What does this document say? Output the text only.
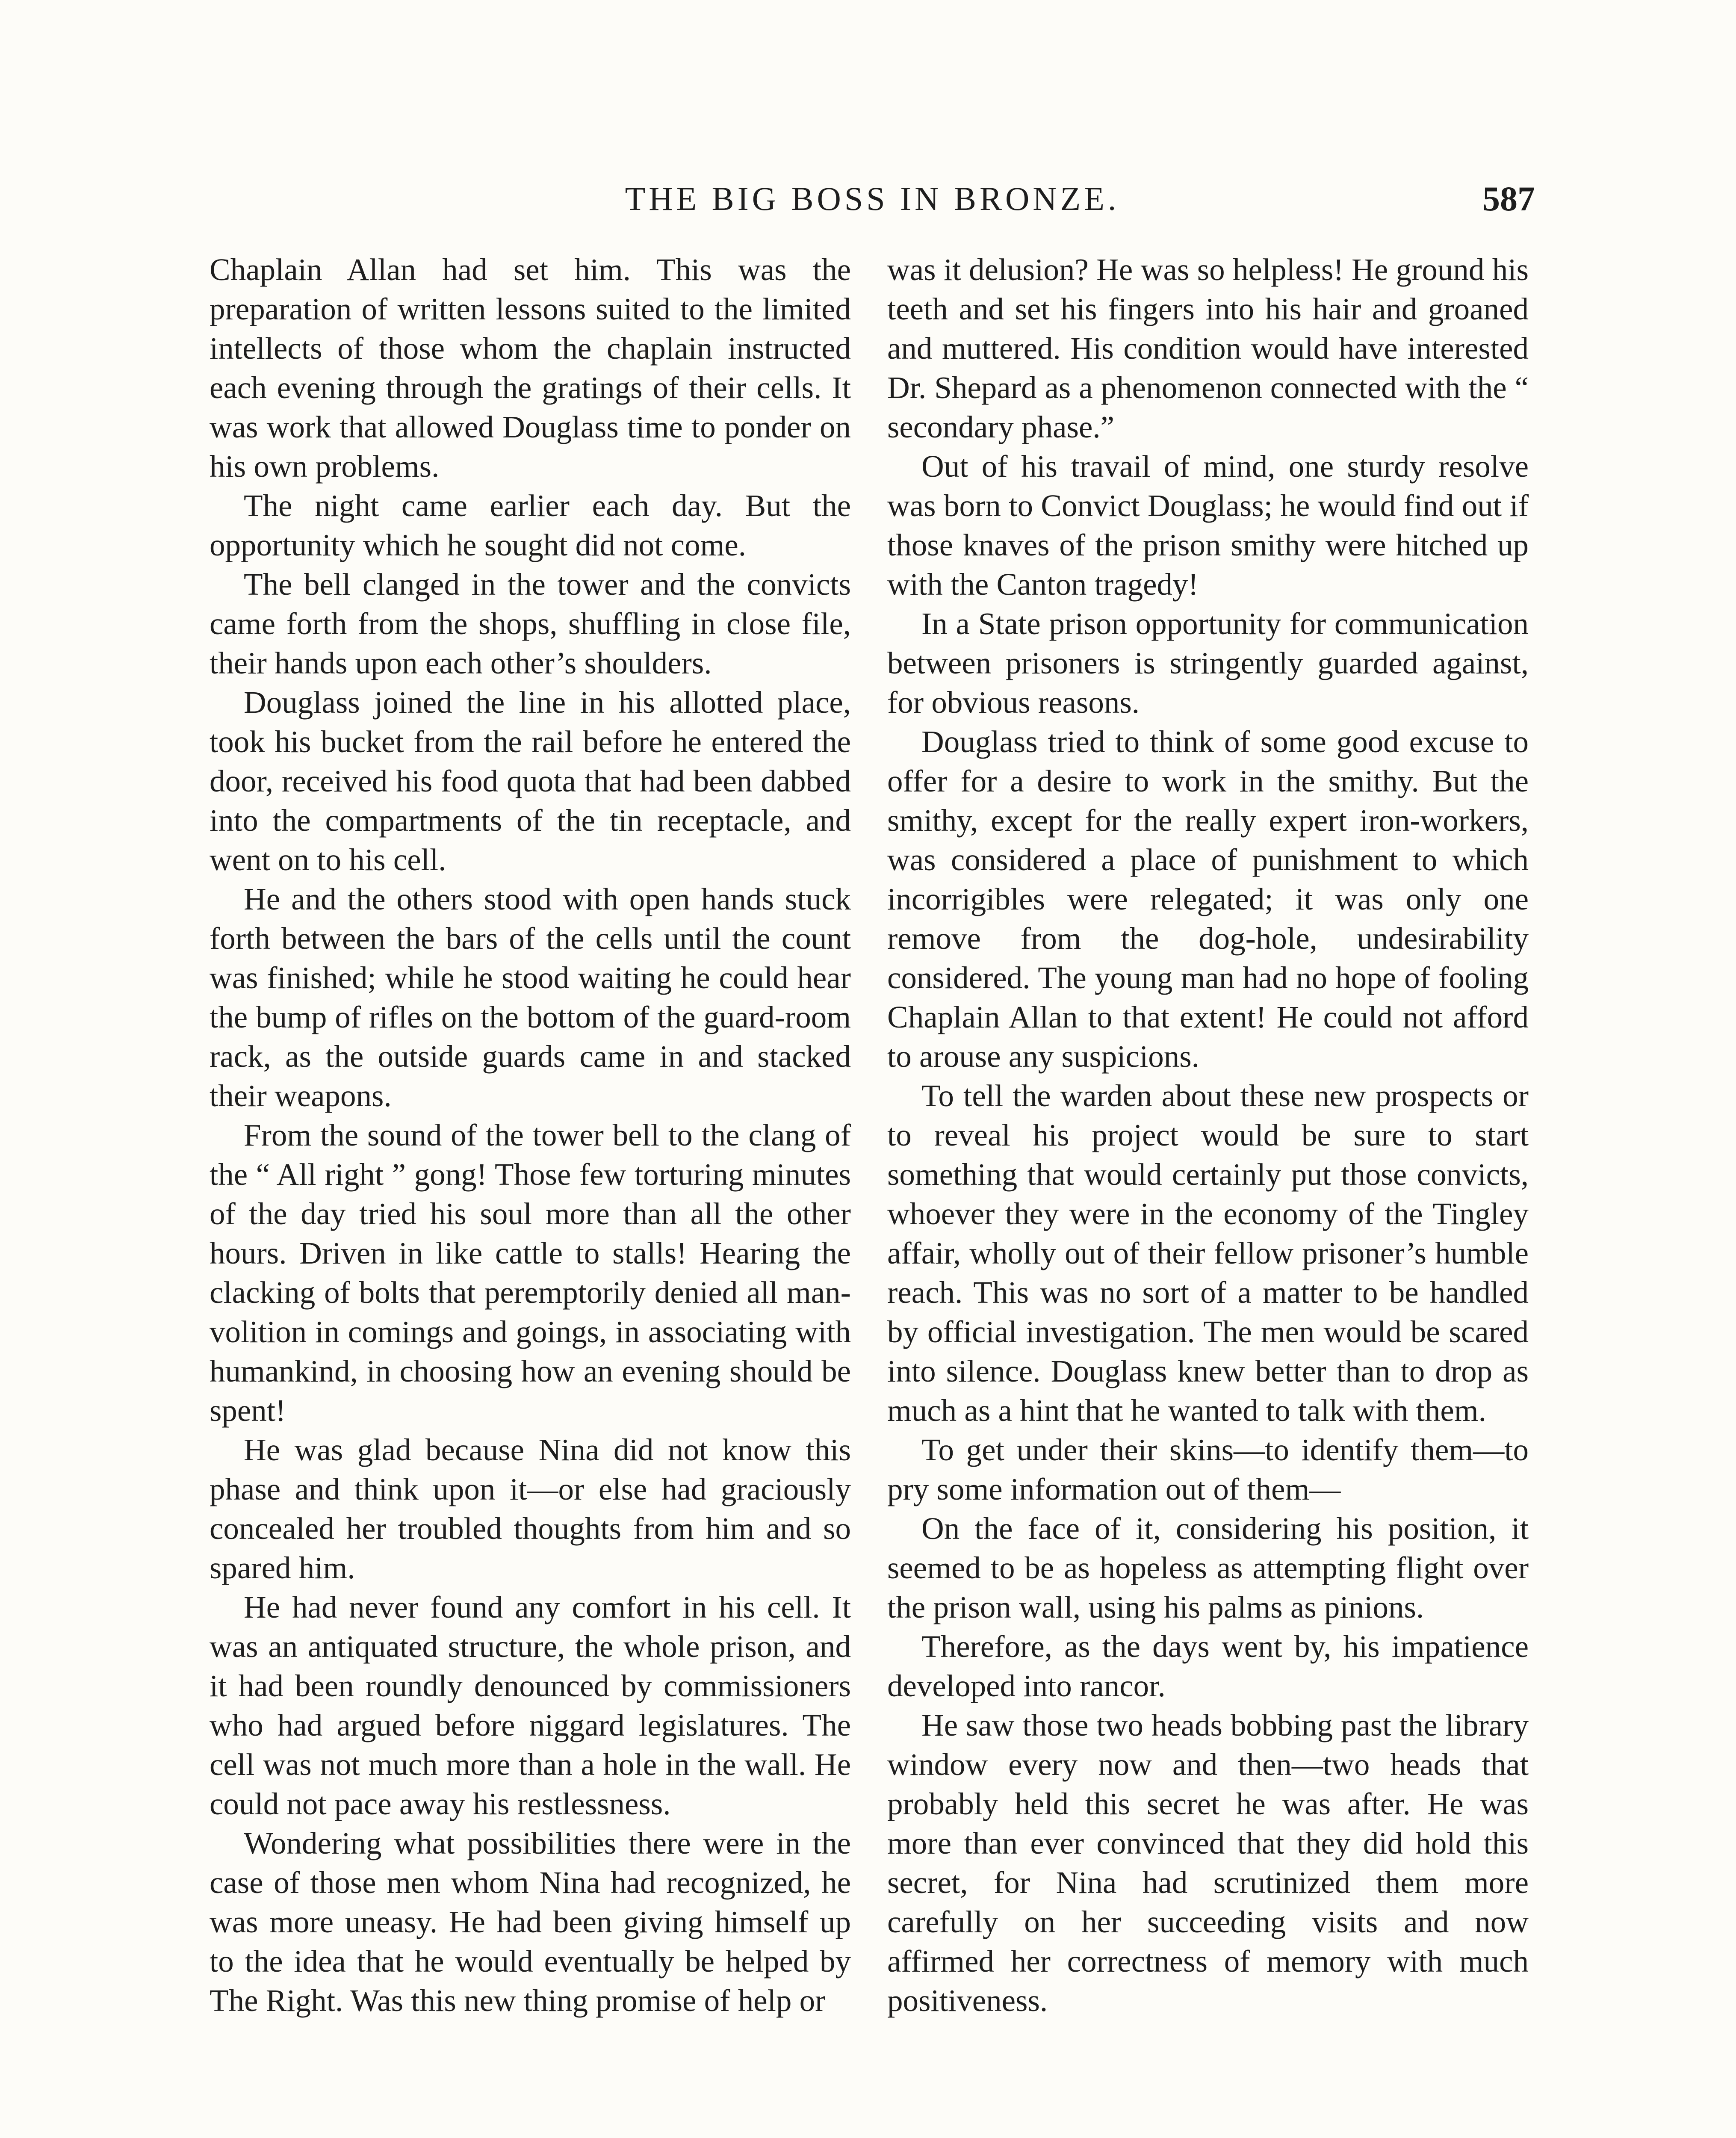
THE BIG BOSS IN BRONZE.	587

Chaplain Allan had set him. This was the preparation of written lessons suited to the limited intellects of those whom the chaplain instructed each evening through the gratings of their cells. It was work that allowed Douglass time to ponder on his own problems.

The night came earlier each day. But the opportunity which he sought did not come.

The bell clanged in the tower and the convicts came forth from the shops, shuffling in close file, their hands upon each other’s shoulders.

Douglass joined the line in his allotted place, took his bucket from the rail before he entered the door, received his food quota that had been dabbed into the compartments of the tin receptacle, and went on to his cell.

He and the others stood with open hands stuck forth between the bars of the cells until the count was finished; while he stood waiting he could hear the bump of rifles on the bottom of the guard-room rack, as the outside guards came in and stacked their weapons.

From the sound of the tower bell to the clang of the “ All right ” gong! Those few torturing minutes of the day tried his soul more than all the other hours. Driven in like cattle to stalls! Hearing the clacking of bolts that peremptorily denied all man-volition in comings and goings, in associating with humankind, in choosing how an evening should be spent!

He was glad because Nina did not know this phase and think upon it—or else had graciously concealed her troubled thoughts from him and so spared him.

He had never found any comfort in his cell. It was an antiquated structure, the whole prison, and it had been roundly denounced by commissioners who had argued before niggard legislatures. The cell was not much more than a hole in the wall. He could not pace away his restlessness.

Wondering what possibilities there were in the case of those men whom Nina had recognized, he was more uneasy. He had been giving himself up to the idea that he would eventually be helped by The Right. Was this new thing promise of help or

was it delusion? He was so helpless! He ground his teeth and set his fingers into his hair and groaned and muttered. His condition would have interested Dr. Shepard as a phenomenon connected with the “ secondary phase.”

Out of his travail of mind, one sturdy resolve was born to Convict Douglass; he would find out if those knaves of the prison smithy were hitched up with the Canton tragedy!

In a State prison opportunity for communication between prisoners is stringently guarded against, for obvious reasons.

Douglass tried to think of some good excuse to offer for a desire to work in the smithy. But the smithy, except for the really expert iron-workers, was considered a place of punishment to which incorrigibles were relegated; it was only one remove from the dog-hole, undesirability considered. The young man had no hope of fooling Chaplain Allan to that extent! He could not afford to arouse any suspicions.

To tell the warden about these new prospects or to reveal his project would be sure to start something that would certainly put those convicts, whoever they were in the economy of the Tingley affair, wholly out of their fellow prisoner’s humble reach. This was no sort of a matter to be handled by official investigation. The men would be scared into silence. Douglass knew better than to drop as much as a hint that he wanted to talk with them.

To get under their skins—to identify them—to pry some information out of them—

On the face of it, considering his position, it seemed to be as hopeless as attempting flight over the prison wall, using his palms as pinions.

Therefore, as the days went by, his impatience developed into rancor.

He saw those two heads bobbing past the library window every now and then—two heads that probably held this secret he was after. He was more than ever convinced that they did hold this secret, for Nina had scrutinized them more carefully on her succeeding visits and now affirmed her correctness of memory with much positiveness.
